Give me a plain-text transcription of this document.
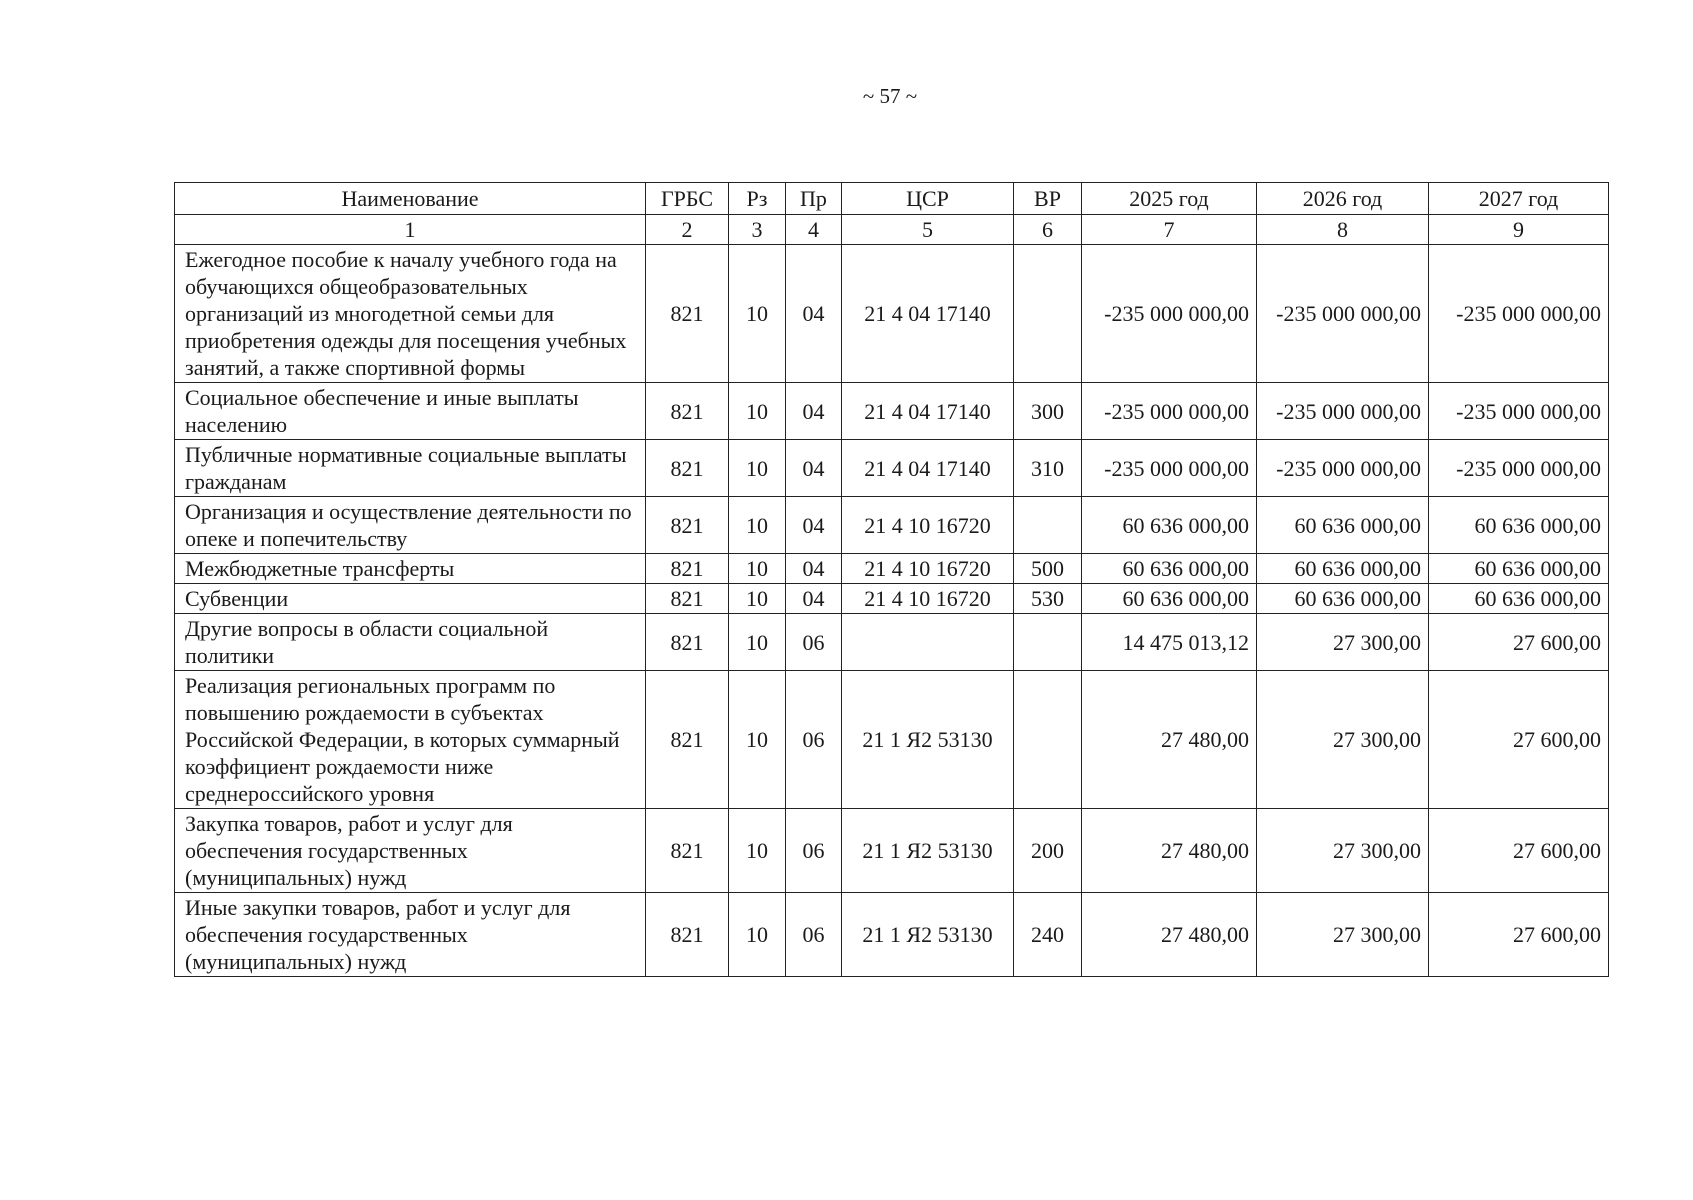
~ 57 ~
Наименование	ГРБС	Рз	Пр	ЦСР	ВР	2025 год	2026 год	2027 год
1	2	3	4	5	6	7	8	9
Ежегодное пособие к началу учебного года на обучающихся общеобразовательных организаций из многодетной семьи для приобретения одежды для посещения учебных занятий, а также спортивной формы	821	10	04	21 4 04 17140		-235 000 000,00	-235 000 000,00	-235 000 000,00
Социальное обеспечение и иные выплаты населению	821	10	04	21 4 04 17140	300	-235 000 000,00	-235 000 000,00	-235 000 000,00
Публичные нормативные социальные выплаты гражданам	821	10	04	21 4 04 17140	310	-235 000 000,00	-235 000 000,00	-235 000 000,00
Организация и осуществление деятельности по опеке и попечительству	821	10	04	21 4 10 16720		60 636 000,00	60 636 000,00	60 636 000,00
Межбюджетные трансферты	821	10	04	21 4 10 16720	500	60 636 000,00	60 636 000,00	60 636 000,00
Субвенции	821	10	04	21 4 10 16720	530	60 636 000,00	60 636 000,00	60 636 000,00
Другие вопросы в области социальной политики	821	10	06			14 475 013,12	27 300,00	27 600,00
Реализация региональных программ по повышению рождаемости в субъектах Российской Федерации, в которых суммарный коэффициент рождаемости ниже среднероссийского уровня	821	10	06	21 1 Я2 53130		27 480,00	27 300,00	27 600,00
Закупка товаров, работ и услуг для обеспечения государственных (муниципальных) нужд	821	10	06	21 1 Я2 53130	200	27 480,00	27 300,00	27 600,00
Иные закупки товаров, работ и услуг для обеспечения государственных (муниципальных) нужд	821	10	06	21 1 Я2 53130	240	27 480,00	27 300,00	27 600,00
